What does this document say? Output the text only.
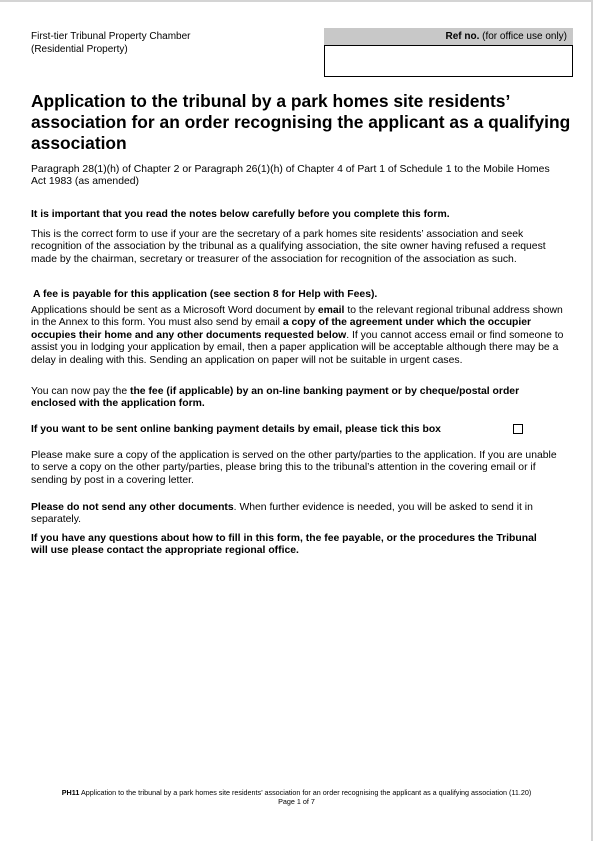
First-tier Tribunal Property Chamber
(Residential Property)
Ref no. (for office use only)
Application to the tribunal by a park homes site residents’ association for an order recognising the applicant as a qualifying association

Paragraph 28(1)(h) of Chapter 2 or Paragraph 26(1)(h) of Chapter 4 of Part 1 of Schedule 1 to the Mobile Homes Act 1983 (as amended)

It is important that you read the notes below carefully before you complete this form.

This is the correct form to use if your are the secretary of a park homes site residents’ association and seek recognition of the association by the tribunal as a qualifying association, the site owner having refused a request made by the chairman, secretary or treasurer of the association for recognition of the association as such.

A fee is payable for this application (see section 8 for Help with Fees).

Applications should be sent as a Microsoft Word document by email to the relevant regional tribunal address shown in the Annex to this form. You must also send by email a copy of the agreement under which the occupier occupies their home and any other documents requested below. If you cannot access email or find someone to assist you in lodging your application by email, then a paper application will be acceptable although there may be a delay in dealing with this. Sending an application on paper will not be suitable in urgent cases.

You can now pay the the fee (if applicable) by an on-line banking payment or by cheque/postal order enclosed with the application form.

If you want to be sent online banking payment details by email, please tick this box

Please make sure a copy of the application is served on the other party/parties to the application. If you are unable to serve a copy on the other party/parties, please bring this to the tribunal’s attention in the covering email or if sending by post in a covering letter.

Please do not send any other documents. When further evidence is needed, you will be asked to send it in separately.

If you have any questions about how to fill in this form, the fee payable, or the procedures the Tribunal will use please contact the appropriate regional office.

PH11 Application to the tribunal by a park homes site residents’ association for an order recognising the applicant as a qualifying association (11.20)
Page 1 of 7
